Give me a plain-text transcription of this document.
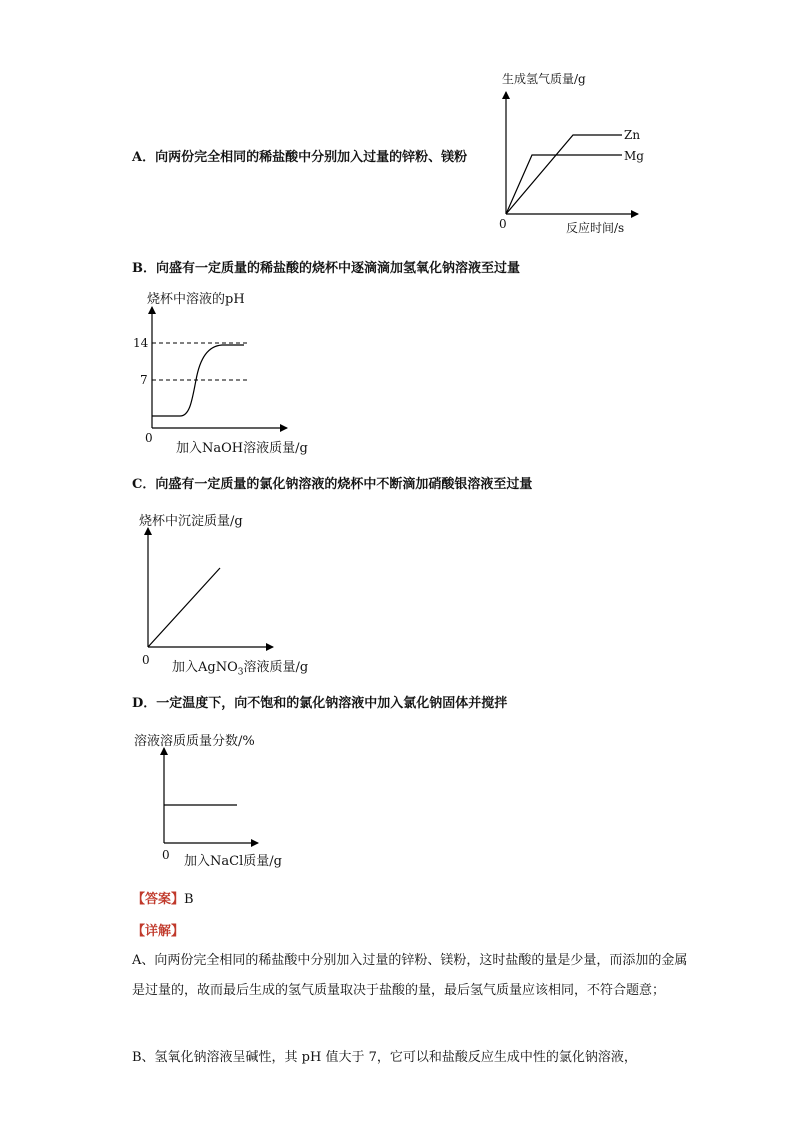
A．向两份完全相同的稀盐酸中分别加入过量的锌粉、镁粉
生成氢气质量/g
反应时间/s
0
Zn
Mg
B．向盛有一定质量的稀盐酸的烧杯中逐滴滴加氢氧化钠溶液至过量
烧杯中溶液的pH
14
7
0
加入NaOH溶液质量/g
C．向盛有一定质量的氯化钠溶液的烧杯中不断滴加硝酸银溶液至过量
烧杯中沉淀质量/g
0 加入AgNO$_3$溶液质量/g
D．一定温度下，向不饱和的氯化钠溶液中加入氯化钠固体并搅拌
溶液溶质质量分数/%
0 加入NaCl质量/g
【答案】B
【详解】
A、向两份完全相同的稀盐酸中分别加入过量的锌粉、镁粉，这时盐酸的量是少量，而添加的金属是过量的，故而最后生成的氢气质量取决于盐酸的量，最后氢气质量应该相同，不符合题意；
B、氢氧化钠溶液呈碱性，其 pH 值大于 7，它可以和盐酸反应生成中性的氯化钠溶液，
